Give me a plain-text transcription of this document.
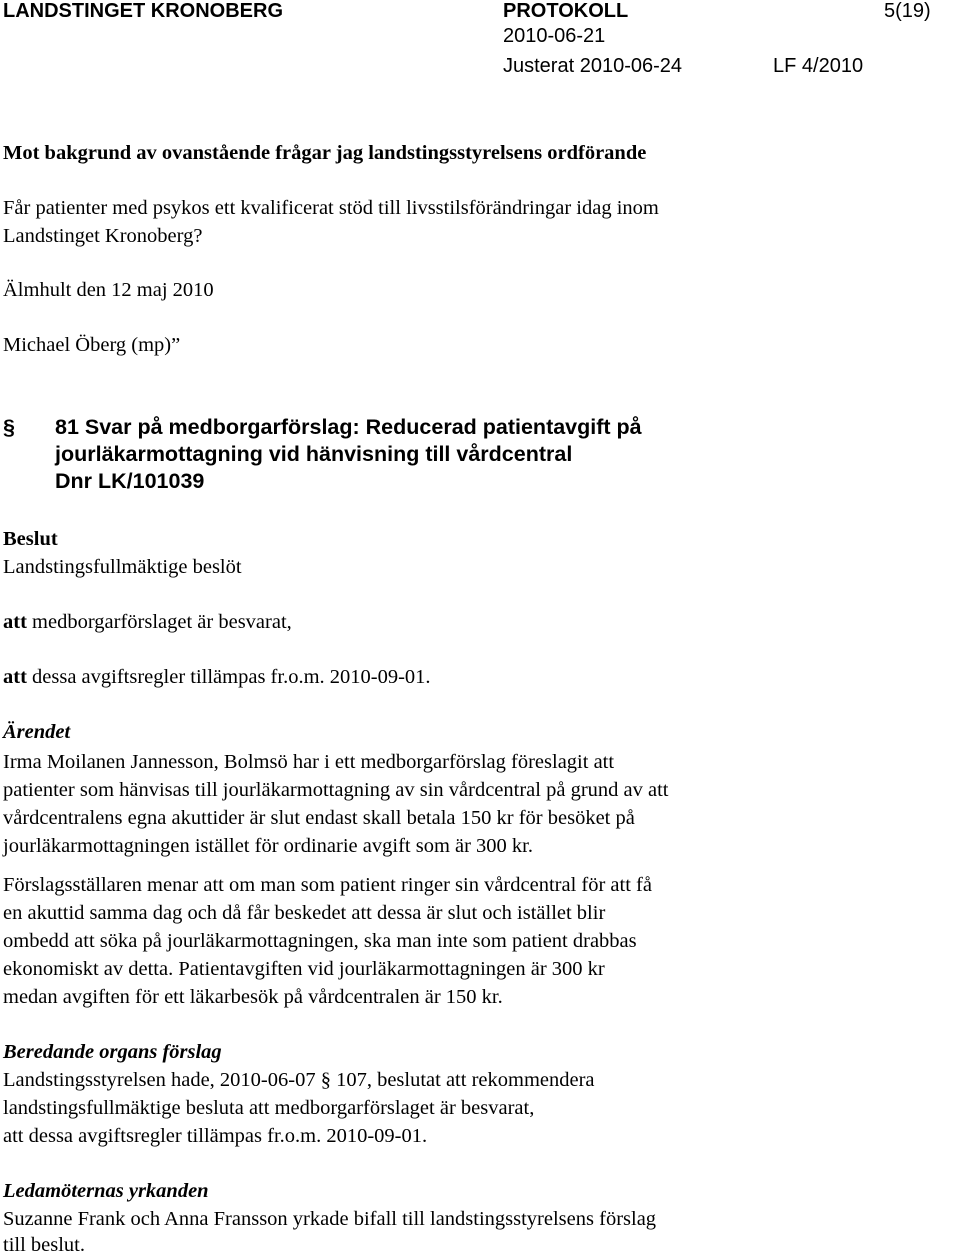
LANDSTINGET KRONOBERG	PROTOKOLL	5(19)
2010-06-21
Justerat 2010-06-24	LF 4/2010
Mot bakgrund av ovanstående frågar jag landstingsstyrelsens ordförande
Får patienter med psykos ett kvalificerat stöd till livsstilsförändringar idag inom
Landstinget Kronoberg?
Älmhult den 12 maj 2010
Michael Öberg (mp)”
§ 81 Svar på medborgarförslag: Reducerad patientavgift på
jourläkarmottagning vid hänvisning till vårdcentral
Dnr LK/101039
Beslut
Landstingsfullmäktige beslöt
att medborgarförslaget är besvarat,
att dessa avgiftsregler tillämpas fr.o.m. 2010-09-01.
Ärendet
Irma Moilanen Jannesson, Bolmsö har i ett medborgarförslag föreslagit att
patienter som hänvisas till jourläkarmottagning av sin vårdcentral på grund av att
vårdcentralens egna akuttider är slut endast skall betala 150 kr för besöket på
jourläkarmottagningen istället för ordinarie avgift som är 300 kr.
Förslagsställaren menar att om man som patient ringer sin vårdcentral för att få
en akuttid samma dag och då får beskedet att dessa är slut och istället blir
ombedd att söka på jourläkarmottagningen, ska man inte som patient drabbas
ekonomiskt av detta. Patientavgiften vid jourläkarmottagningen är 300 kr
medan avgiften för ett läkarbesök på vårdcentralen är 150 kr.
Beredande organs förslag
Landstingsstyrelsen hade, 2010-06-07 § 107, beslutat att rekommendera
landstingsfullmäktige besluta att medborgarförslaget är besvarat,
att dessa avgiftsregler tillämpas fr.o.m. 2010-09-01.
Ledamöternas yrkanden
Suzanne Frank och Anna Fransson yrkade bifall till landstingsstyrelsens förslag
till beslut.
